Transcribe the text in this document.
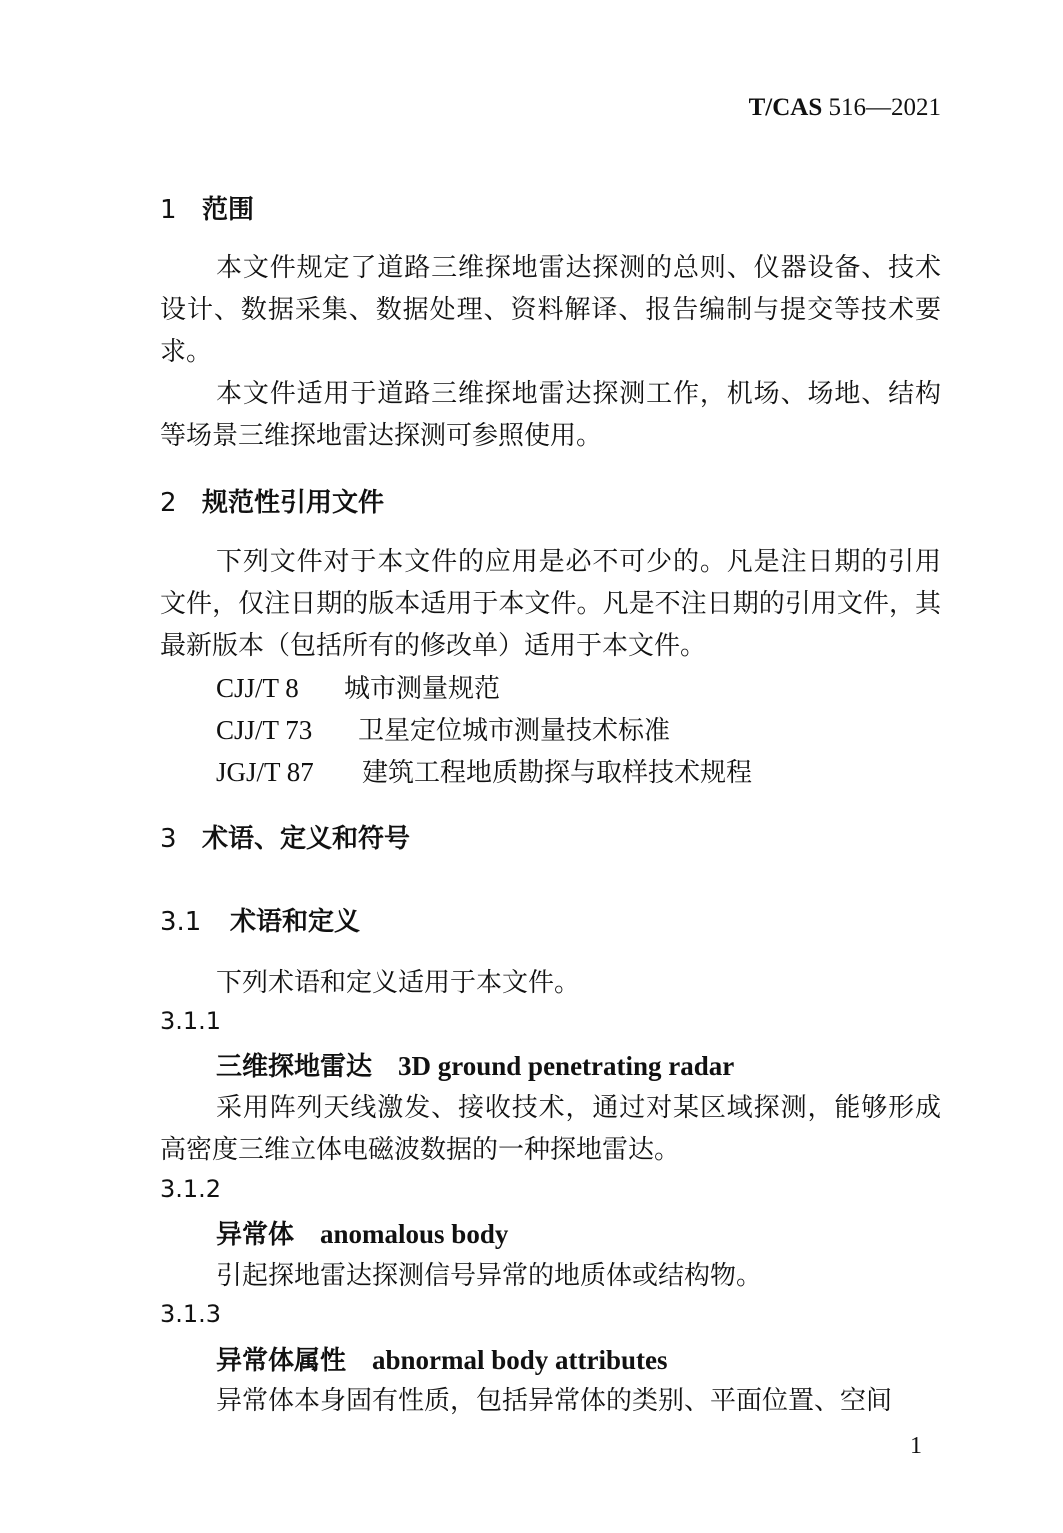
T/CAS 516—2021
1 范围

本文件规定了道路三维探地雷达探测的总则、仪器设备、技术设计、数据采集、数据处理、资料解译、报告编制与提交等技术要求。

本文件适用于道路三维探地雷达探测工作，机场、场地、结构等场景三维探地雷达探测可参照使用。

2 规范性引用文件

下列文件对于本文件的应用是必不可少的。凡是注日期的引用文件，仅注日期的版本适用于本文件。凡是不注日期的引用文件，其最新版本（包括所有的修改单）适用于本文件。

CJJ/T 8 城市测量规范
CJJ/T 73 卫星定位城市测量技术标准
JGJ/T 87 建筑工程地质勘探与取样技术规程
3 术语、定义和符号
3.1 术语和定义
下列术语和定义适用于本文件。
3.1.1
三维探地雷达 3D ground penetrating radar

采用阵列天线激发、接收技术，通过对某区域探测，能够形成高密度三维立体电磁波数据的一种探地雷达。

3.1.2
异常体 anomalous body

引起探地雷达探测信号异常的地质体或结构物。

3.1.3
异常体属性 abnormal body attributes

异常体本身固有性质，包括异常体的类别、平面位置、空间

1
